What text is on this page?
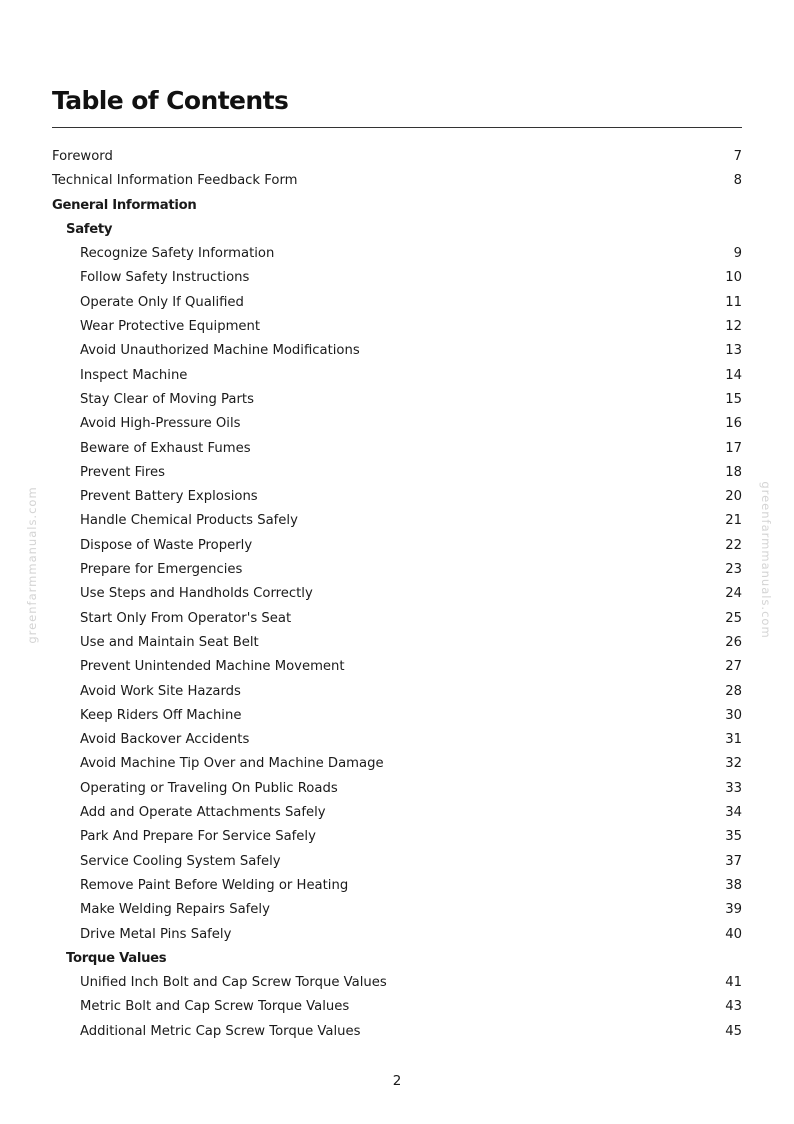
Table of Contents
Foreword	7
Technical Information Feedback Form	8
General Information
Safety
Recognize Safety Information	9
Follow Safety Instructions	10
Operate Only If Qualified	11
Wear Protective Equipment	12
Avoid Unauthorized Machine Modifications	13
Inspect Machine	14
Stay Clear of Moving Parts	15
Avoid High-Pressure Oils	16
Beware of Exhaust Fumes	17
Prevent Fires	18
Prevent Battery Explosions	20
Handle Chemical Products Safely	21
Dispose of Waste Properly	22
Prepare for Emergencies	23
Use Steps and Handholds Correctly	24
Start Only From Operator's Seat	25
Use and Maintain Seat Belt	26
Prevent Unintended Machine Movement	27
Avoid Work Site Hazards	28
Keep Riders Off Machine	30
Avoid Backover Accidents	31
Avoid Machine Tip Over and Machine Damage	32
Operating or Traveling On Public Roads	33
Add and Operate Attachments Safely	34
Park And Prepare For Service Safely	35
Service Cooling System Safely	37
Remove Paint Before Welding or Heating	38
Make Welding Repairs Safely	39
Drive Metal Pins Safely	40
Torque Values
Unified Inch Bolt and Cap Screw Torque Values	41
Metric Bolt and Cap Screw Torque Values	43
Additional Metric Cap Screw Torque Values	45
greenfarmmanuals.com	greenfarmmanuals.com
2
